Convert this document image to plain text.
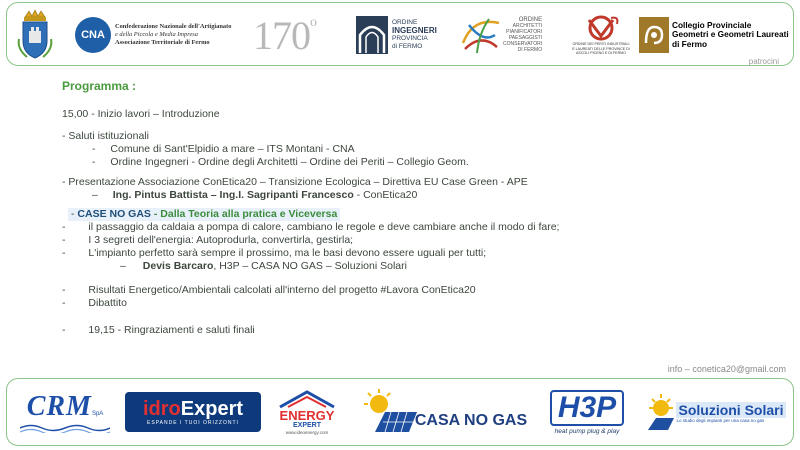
CNA
Confederazione Nazionale dell'Artigianato
e della Piccola e Media Impresa
Associazione Territoriale di Fermo	170 o	ORDINE
INGEGNERI
PROVINCIA
di FERMO
ORDINE
ARCHITETTI
PIANIFICATORI
PAESAGGISTI
CONSERVATORI
DI FERMO
ORDINE DEI PERITI INDUSTRIALI
E LAUREATI DELLE PROVINCE DI
ASCOLI PICENO E DI FERMO
Collegio Provinciale
Geometri e Geometri Laureati
di Fermo
patrocini
Programma :
15,00 - Inizio lavori – Introduzione
- Saluti istituzionali
- Comune di Sant'Elpidio a mare – ITS Montani - CNA
- Ordine Ingegneri - Ordine degli Architetti – Ordine dei Periti – Collegio Geom.
- Presentazione Associazione ConEtica20 – Transizione Ecologica – Direttiva EU Case Green - APE
– Ing. Pintus Battista – Ing.I. Sagripanti Francesco - ConEtica20
- CASE NO GAS - Dalla Teoria alla pratica e Viceversa
- il passaggio da caldaia a pompa di calore, cambiano le regole e deve cambiare anche il modo di fare;
- I 3 segreti dell'energia: Autoprodurla, convertirla, gestirla;
- L'impianto perfetto sarà sempre il prossimo, ma le basi devono essere uguali per tutti;
– Devis Barcaro, H3P – CASA NO GAS – Soluzioni Solari
- Risultati Energetico/Ambientali calcolati all'interno del progetto #Lavora ConEtica20
- Dibattito
- 19,15 - Ringraziamenti e saluti finali
info – conetica20@gmail.com
CRM SpA idroExpert
ESPANDE I TUOI ORIZZONTI	ENERGY
EXPERT
www.ideoenergy.com
CASA NO GAS H3P
heat pump plug & play
Soluzioni Solari
Lo studio degli impianti per una casa no gas
